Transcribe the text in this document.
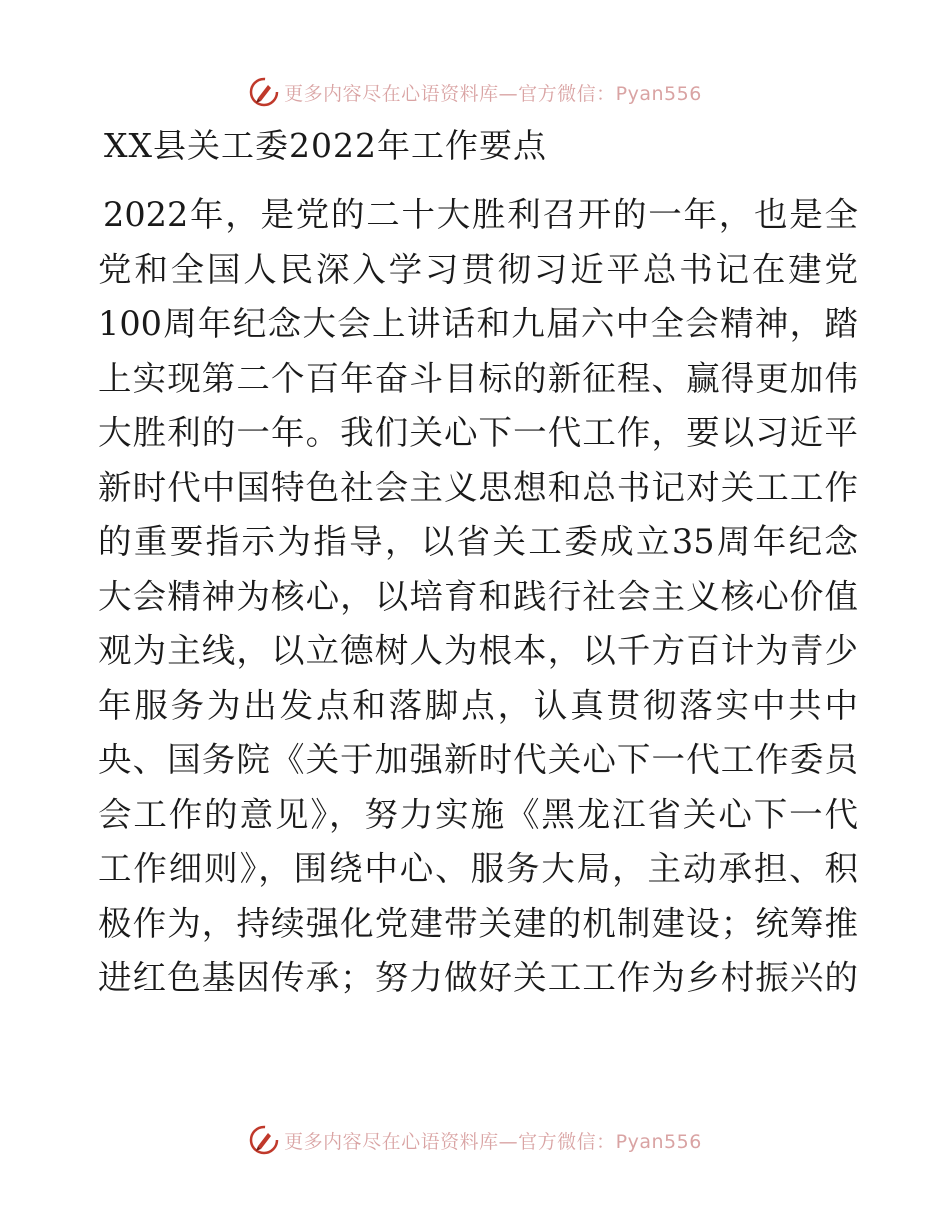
更多内容尽在心语资料库—官方微信：Pyan556
XX县关工委2022年工作要点
2022年，是党的二十大胜利召开的一年，也是全
党和全国人民深入学习贯彻习近平总书记在建党
100周年纪念大会上讲话和九届六中全会精神，踏
上实现第二个百年奋斗目标的新征程、赢得更加伟
大胜利的一年。我们关心下一代工作，要以习近平
新时代中国特色社会主义思想和总书记对关工工作
的重要指示为指导，以省关工委成立35周年纪念
大会精神为核心，以培育和践行社会主义核心价值
观为主线，以立德树人为根本，以千方百计为青少
年服务为出发点和落脚点，认真贯彻落实中共中
央、国务院《关于加强新时代关心下一代工作委员
会工作的意见》，努力实施《黑龙江省关心下一代
工作细则》，围绕中心、服务大局，主动承担、积
极作为，持续强化党建带关建的机制建设；统筹推
进红色基因传承；努力做好关工工作为乡村振兴的
更多内容尽在心语资料库—官方微信：Pyan556
